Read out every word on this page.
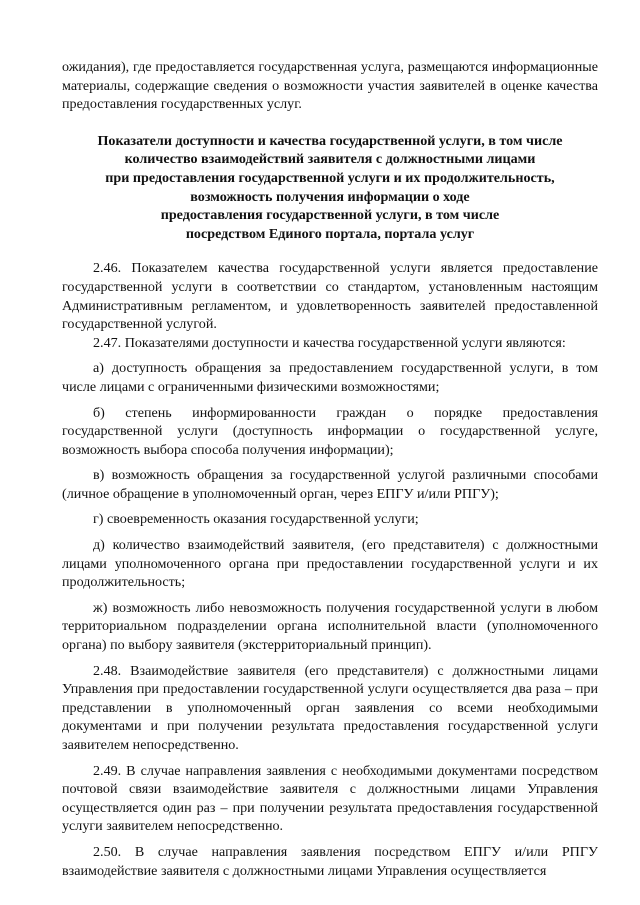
ожидания), где предоставляется государственная услуга, размещаются информационные материалы, содержащие сведения о возможности участия заявителей в оценке качества предоставления государственных услуг.

Показатели доступности и качества государственной услуги, в том числе
количество взаимодействий заявителя с должностными лицами
при предоставления государственной услуги и их продолжительность,
возможность получения информации о ходе
предоставления государственной услуги, в том числе
посредством Единого портала, портала услуг

2.46. Показателем качества государственной услуги является предоставление государственной услуги в соответствии со стандартом, установленным настоящим Административным регламентом, и удовлетворенность заявителей предоставленной государственной услугой.

2.47. Показателями доступности и качества государственной услуги являются:

а) доступность обращения за предоставлением государственной услуги, в том числе лицами с ограниченными физическими возможностями;

б) степень информированности граждан о порядке предоставления государственной услуги (доступность информации о государственной услуге, возможность выбора способа получения информации);

в) возможность обращения за государственной услугой различными способами (личное обращение в уполномоченный орган, через ЕПГУ и/или РПГУ);

г) своевременность оказания государственной услуги;

д) количество взаимодействий заявителя, (его представителя) с должностными лицами уполномоченного органа при предоставлении государственной услуги и их продолжительность;

ж) возможность либо невозможность получения государственной услуги в любом территориальном подразделении органа исполнительной власти (уполномоченного органа) по выбору заявителя (экстерриториальный принцип).

2.48. Взаимодействие заявителя (его представителя) с должностными лицами Управления при предоставлении государственной услуги осуществляется два раза – при представлении в уполномоченный орган заявления со всеми необходимыми документами и при получении результата предоставления государственной услуги заявителем непосредственно.

2.49. В случае направления заявления с необходимыми документами посредством почтовой связи взаимодействие заявителя с должностными лицами Управления осуществляется один раз – при получении результата предоставления государственной услуги заявителем непосредственно.

2.50. В случае направления заявления посредством ЕПГУ и/или РПГУ взаимодействие заявителя с должностными лицами Управления осуществляется
